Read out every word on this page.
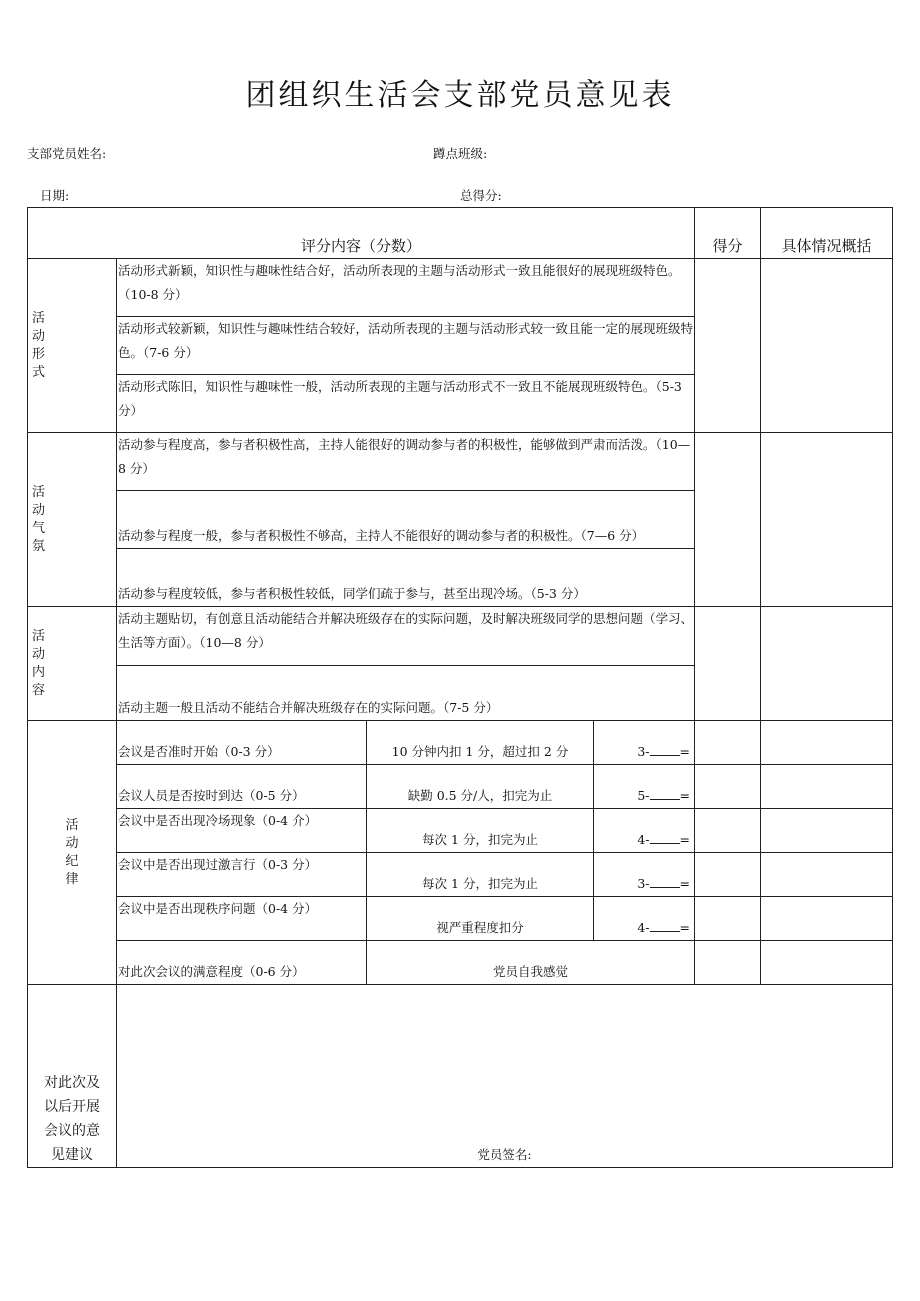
团组织生活会支部党员意见表
支部党员姓名:	蹲点班级:
日期:	总得分:
评分内容（分数）				得分	具体情况概括

活动形式	活动形式新颖，知识性与趣味性结合好，活动所表现的主题与活动形式一致且能很好的展现班级特色。（10-8 分）				
	活动形式较新颖，知识性与趣味性结合较好，活动所表现的主题与活动形式较一致且能一定的展现班级特色。（7-6 分）				
	活动形式陈旧，知识性与趣味性一般，活动所表现的主题与活动形式不一致且不能展现班级特色。（5-3 分）				

活动气氛	活动参与程度高，参与者积极性高，主持人能很好的调动参与者的积极性，能够做到严肃而活泼。（10—8 分）				
	活动参与程度一般，参与者积极性不够高，主持人不能很好的调动参与者的积极性。（7—6 分）				
	活动参与程度较低，参与者积极性较低，同学们疏于参与，甚至出现冷场。（5-3 分）				

活动内容	活动主题贴切，有创意且活动能结合并解决班级存在的实际问题，及时解决班级同学的思想问题（学习、生活等方面）。（10—8 分）				
	活动主题一般且活动不能结合并解决班级存在的实际问题。（7-5 分）				

活动纪律	会议是否准时开始（0-3 分）	10 分钟内扣 1 分，超过扣 2 分	3- =		
	会议人员是否按时到达（0-5 分）	缺勤 0.5 分/人，扣完为止	5- =		
	会议中是否出现冷场现象（0-4 介）	每次 1 分，扣完为止	4- =		
	会议中是否出现过激言行（0-3 分）	每次 1 分，扣完为止	3- =		
	会议中是否出现秩序问题（0-4 分）	视严重程度扣分	4- =		
	对此次会议的满意程度（0-6 分）	党员自我感觉			

对此次及以后开展会议的意见建议	党员签名:				
